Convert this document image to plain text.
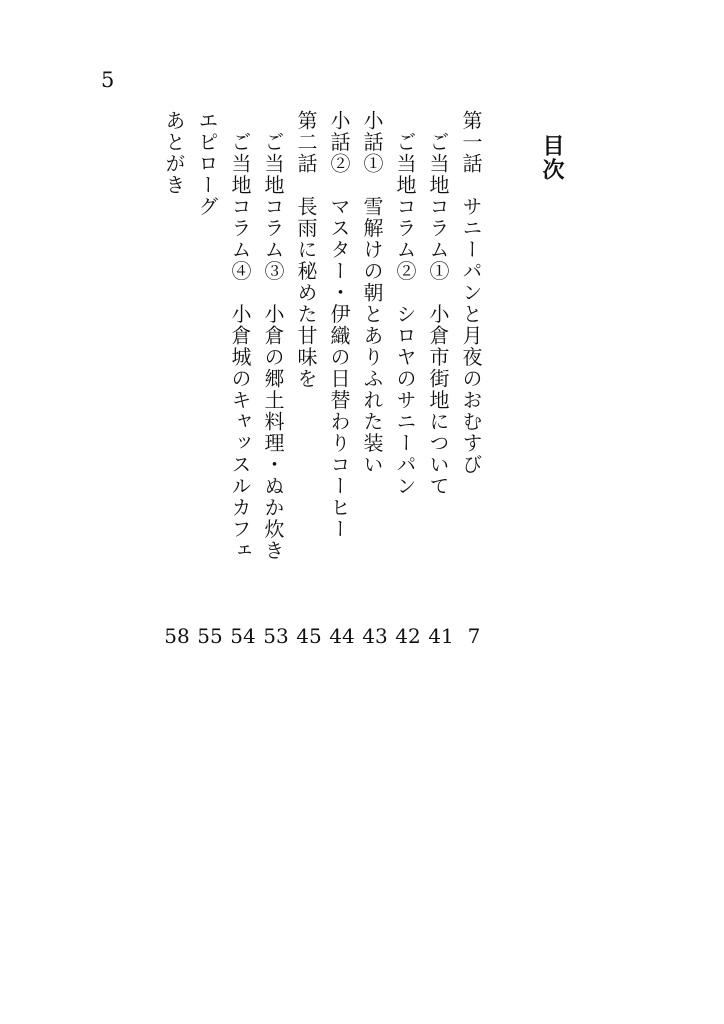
5
目次
第一話　サニーパンと月夜のおむすび
　ご当地コラム①　小倉市街地について
　ご当地コラム②　シロヤのサニーパン
小話①　雪解けの朝とありふれた装い
小話②　マスター・伊織の日替わりコーヒー
第二話　長雨に秘めた甘味を
　ご当地コラム③　小倉の郷土料理・ぬか炊き
　ご当地コラム④　小倉城のキャッスルカフェ
エピローグ
あとがき
7
41
42
43
44
45
53
54
55
58
